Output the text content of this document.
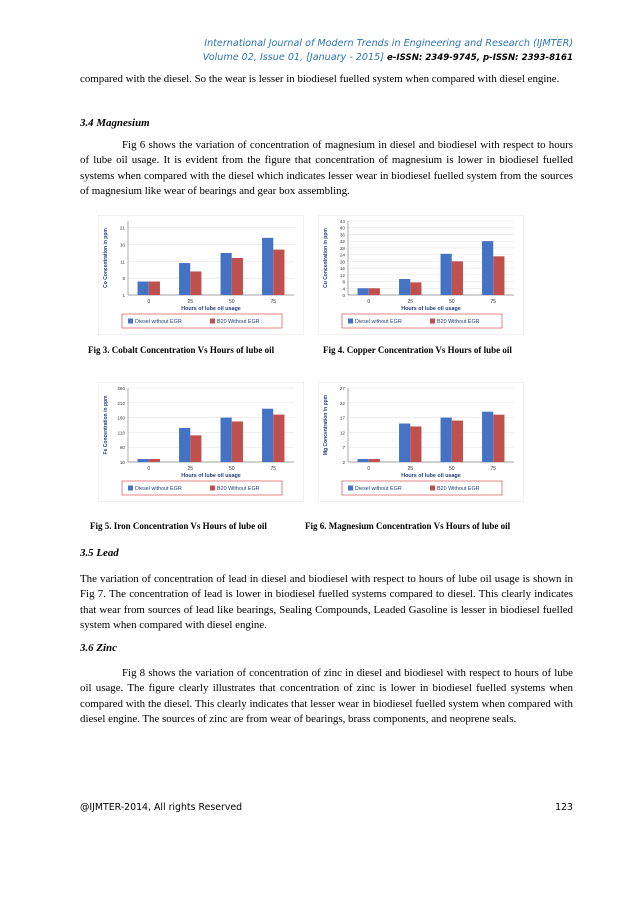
International Journal of Modern Trends in Engineering and Research (IJMTER)
Volume 02, Issue 01, [January - 2015] e-ISSN: 2349-9745, p-ISSN: 2393-8161

compared with the diesel. So the wear is lesser in biodiesel fuelled system when compared with diesel engine.

3.4 Magnesium

Fig 6 shows the variation of concentration of magnesium in diesel and biodiesel with respect to hours of lube oil usage. It is evident from the figure that concentration of magnesium is lower in biodiesel fuelled systems when compared with the diesel which indicates lesser wear in biodiesel fuelled system from the sources of magnesium like wear of bearings and gear box assembling.

1
6
11
16
21
0	25	50	75
Hours of lube oil usage
Co Concentration in ppm
Diesel without EGR	B20 Without EGR
0
4
8
12
16
20
24
28
32
36
40
44
0	25	50	75
Hours of lube oil usage
Cu Concentration in ppm
Diesel without EGR	B20 Without EGR

Fig 3. Cobalt Concentration Vs Hours of lube oil	Fig 4. Copper Concentration Vs Hours of lube oil

10
60
110
160
210
260
0	25	50	75
Hours of lube oil usage
Fe Concentration in ppm
Diesel without EGR	B20 Without EGR
2
7
12
17
22
27
0	25	50	75
Hours of lube oil usage
Mg Concentration in ppm
Diesel without EGR	B20 Without EGR

Fig 5. Iron Concentration Vs Hours of lube oil	Fig 6. Magnesium Concentration Vs Hours of lube oil

3.5 Lead

The variation of concentration of lead in diesel and biodiesel with respect to hours of lube oil usage is shown in Fig 7. The concentration of lead is lower in biodiesel fuelled systems compared to diesel. This clearly indicates that wear from sources of lead like bearings, Sealing Compounds, Leaded Gasoline is lesser in biodiesel fuelled system when compared with diesel engine.

3.6 Zinc

Fig 8 shows the variation of concentration of zinc in diesel and biodiesel with respect to hours of lube oil usage. The figure clearly illustrates that concentration of zinc is lower in biodiesel fuelled systems when compared with the diesel. This clearly indicates that lesser wear in biodiesel fuelled system when compared with diesel engine. The sources of zinc are from wear of bearings, brass components, and neoprene seals.

@IJMTER-2014, All rights Reserved	123
